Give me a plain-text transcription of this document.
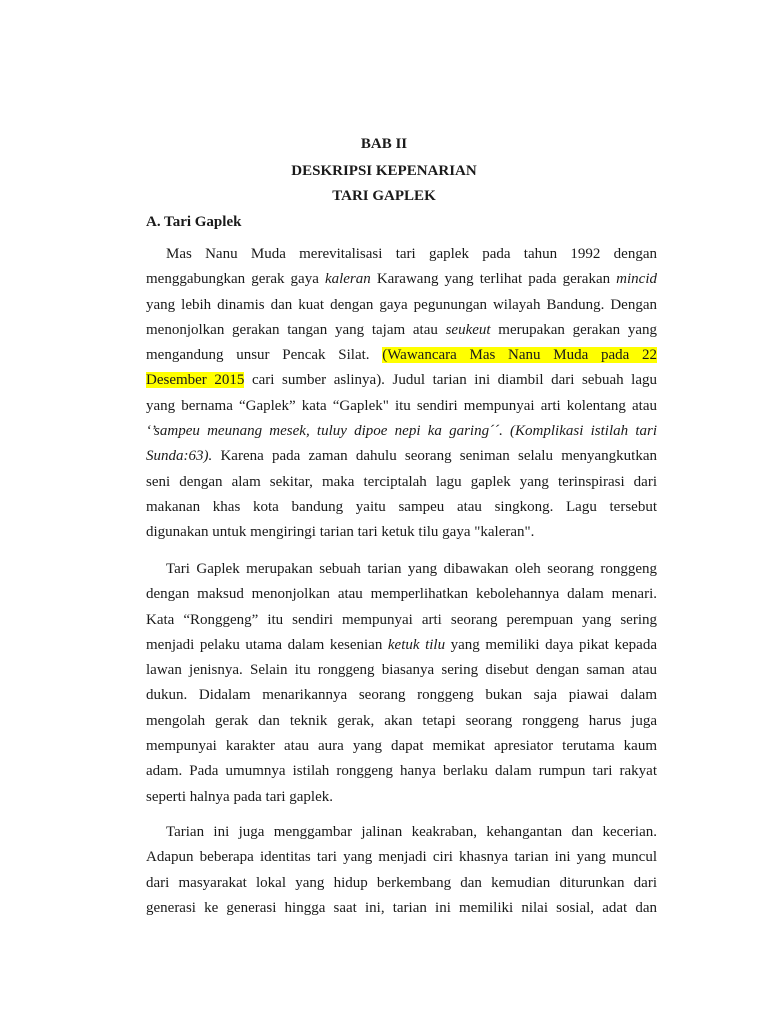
BAB II
DESKRIPSI KEPENARIAN
TARI GAPLEK
A. Tari Gaplek
Mas Nanu Muda merevitalisasi tari gaplek pada tahun 1992 dengan
menggabungkan gerak gaya kaleran Karawang yang terlihat pada gerakan mincid
yang lebih dinamis dan kuat dengan gaya pegunungan wilayah Bandung. Dengan
menonjolkan gerakan tangan yang tajam atau seukeut merupakan gerakan yang
mengandung unsur Pencak Silat. (Wawancara Mas Nanu Muda pada 22
Desember 2015 cari sumber aslinya). Judul tarian ini diambil dari sebuah lagu
yang bernama “Gaplek” kata “Gaplek" itu sendiri mempunyai arti kolentang atau
‘’sampeu meunang mesek, tuluy dipoe nepi ka garing´´. (Komplikasi istilah tari
Sunda:63). Karena pada zaman dahulu seorang seniman selalu menyangkutkan
seni dengan alam sekitar, maka terciptalah lagu gaplek yang terinspirasi dari
makanan khas kota bandung yaitu sampeu atau singkong. Lagu tersebut
digunakan untuk mengiringi tarian tari ketuk tilu gaya "kaleran".
Tari Gaplek merupakan sebuah tarian yang dibawakan oleh seorang ronggeng
dengan maksud menonjolkan atau memperlihatkan kebolehannya dalam menari.
Kata “Ronggeng” itu sendiri mempunyai arti seorang perempuan yang sering
menjadi pelaku utama dalam kesenian ketuk tilu yang memiliki daya pikat kepada
lawan jenisnya. Selain itu ronggeng biasanya sering disebut dengan saman atau
dukun. Didalam menarikannya seorang ronggeng bukan saja piawai dalam
mengolah gerak dan teknik gerak, akan tetapi seorang ronggeng harus juga
mempunyai karakter atau aura yang dapat memikat apresiator terutama kaum
adam. Pada umumnya istilah ronggeng hanya berlaku dalam rumpun tari rakyat
seperti halnya pada tari gaplek.
Tarian ini juga menggambar jalinan keakraban, kehangantan dan kecerian.
Adapun beberapa identitas tari yang menjadi ciri khasnya tarian ini yang muncul
dari masyarakat lokal yang hidup berkembang dan kemudian diturunkan dari
generasi ke generasi hingga saat ini, tarian ini memiliki nilai sosial, adat dan
